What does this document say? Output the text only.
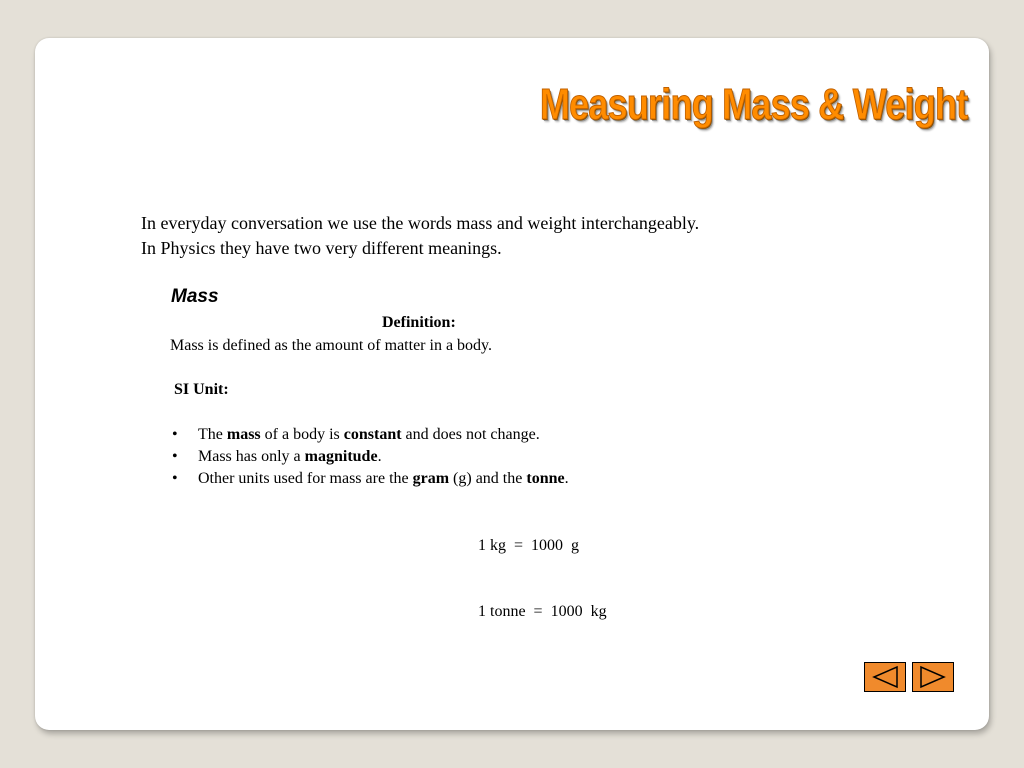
Measuring Mass & Weight
In everyday conversation we use the words mass and weight interchangeably.
In Physics they have two very different meanings.
Mass
Definition:
Mass is defined as the amount of matter in a body.
SI Unit:
• The mass of a body is constant and does not change.
• Mass has only a magnitude.
• Other units used for mass are the gram (g) and the tonne.

1 kg  =  1000  g

1 tonne  =  1000  kg
